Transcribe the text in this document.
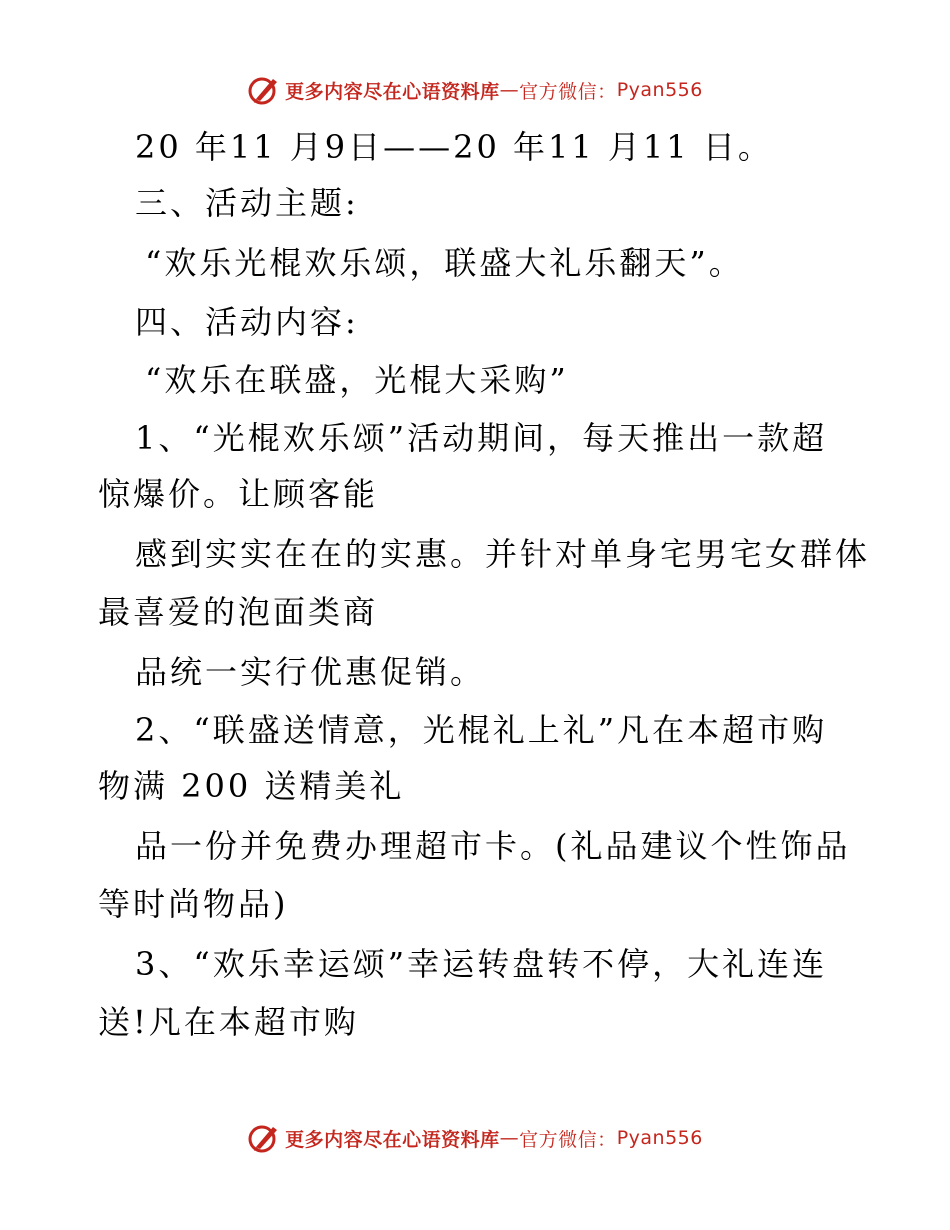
更多内容尽在心语资料库 — 官方微信： Pyan556
20 年11 月9日——20 年11 月11 日。
三、活动主题:
“欢乐光棍欢乐颂，联盛大礼乐翻天”。
四、活动内容:
“欢乐在联盛，光棍大采购”
1、“光棍欢乐颂”活动期间，每天推出一款超
惊爆价。让顾客能
感到实实在在的实惠。并针对单身宅男宅女群体
最喜爱的泡面类商
品统一实行优惠促销。
2、“联盛送情意，光棍礼上礼”凡在本超市购
物满 200 送精美礼
品一份并免费办理超市卡。(礼品建议个性饰品
等时尚物品)
3、“欢乐幸运颂”幸运转盘转不停，大礼连连
送!凡在本超市购
更多内容尽在心语资料库 — 官方微信： Pyan556
